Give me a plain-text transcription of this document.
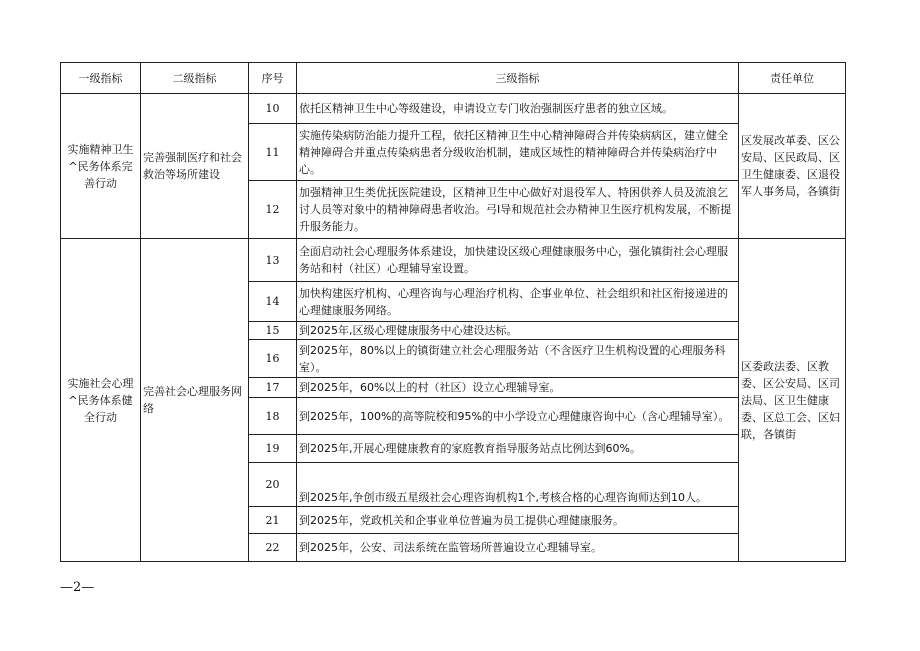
一级指标	二级指标	序号	三级指标	责任单位
实施精神卫生^民务体系完善行动	完善强制医疗和社会救治等场所建设	10	依托区精神卫生中心等级建设，申请设立专门收治强制医疗患者的独立区域。	区发展改革委、区公安局、区民政局、区卫生健康委、区退役军人事务局，各镇街
		11	实施传染病防治能力提升工程，依托区精神卫生中心精神障碍合并传染病病区，建立健全精神障碍合并重点传染病患者分级收治机制，建成区域性的精神障碍合并传染病治疗中心。	
		12	加强精神卫生类优抚医院建设，区精神卫生中心做好对退役军人、特困供养人员及流浪乞讨人员等对象中的精神障碍患者收治。弓I导和规范社会办精神卫生医疗机构发展，不断提升服务能力。	
实施社会心理^民务体系健全行动	完善社会心理服务网络	13	全面启动社会心理服务体系建设，加快建设区级心理健康服务中心，强化镇街社会心理服务站和村（社区）心理辅导室设置。	区委政法委、区教委、区公安局、区司法局、区卫生健康委、区总工会、区妇联，各镇街
		14	加快构建医疗机构、心理咨询与心理治疗机构、企事业单位、社会组织和社区衔接递进的心理健康服务网络。	
		15	到2025年,区级心理健康服务中心建设达标。	
		16	到2025年，80%以上的镇街建立社会心理服务站（不含医疗卫生机构设置的心理服务科室）。	
		17	到2025年，60%以上的村（社区）设立心理辅导室。	
		18	到2025年，100%的高等院校和95%的中小学设立心理健康咨询中心（含心理辅导室）。	
		19	到2025年,开展心理健康教育的家庭教育指导服务站点比例达到60%。	
		20	到2025年,争创市级五星级社会心理咨询机构1个,考核合格的心理咨询师达到10人。	
		21	到2025年，党政机关和企事业单位普遍为员工提供心理健康服务。	
		22	到2025年，公安、司法系统在监管场所普遍设立心理辅导室。	
—2—
